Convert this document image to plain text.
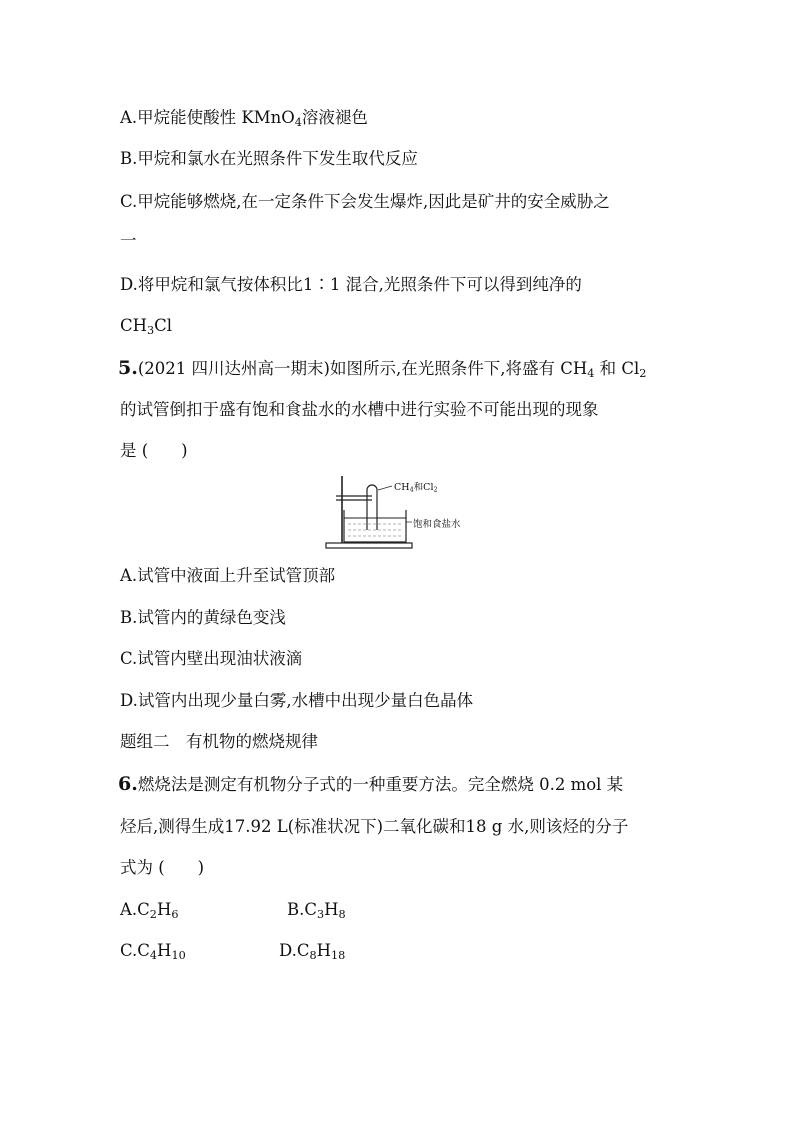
A.甲烷能使酸性 KMnO$_4$溶液褪色
B.甲烷和氯水在光照条件下发生取代反应
C.甲烷能够燃烧,在一定条件下会发生爆炸,因此是矿井的安全威胁之
一
D.将甲烷和氯气按体积比1∶1 混合,光照条件下可以得到纯净的
$CH_3Cl$
5.(2021 四川达州高一期末)如图所示,在光照条件下,将盛有 $CH_4$ 和 $Cl_2$
的试管倒扣于盛有饱和食盐水的水槽中进行实验不可能出现的现象
是 (　　)
$CH_4$和$Cl_2$
饱和食盐水
A.试管中液面上升至试管顶部
B.试管内的黄绿色变浅
C.试管内壁出现油状液滴
D.试管内出现少量白雾,水槽中出现少量白色晶体
题组二　有机物的燃烧规律
6.燃烧法是测定有机物分子式的一种重要方法。完全燃烧 0.2 mol 某
烃后,测得生成17.92 L(标准状况下)二氧化碳和18 g 水,则该烃的分子
式为 (　　)
$A.C_2H_6$	$B.C_3H_8$
$C.C_4H_{10}$	$D.C_8H_{18}$
